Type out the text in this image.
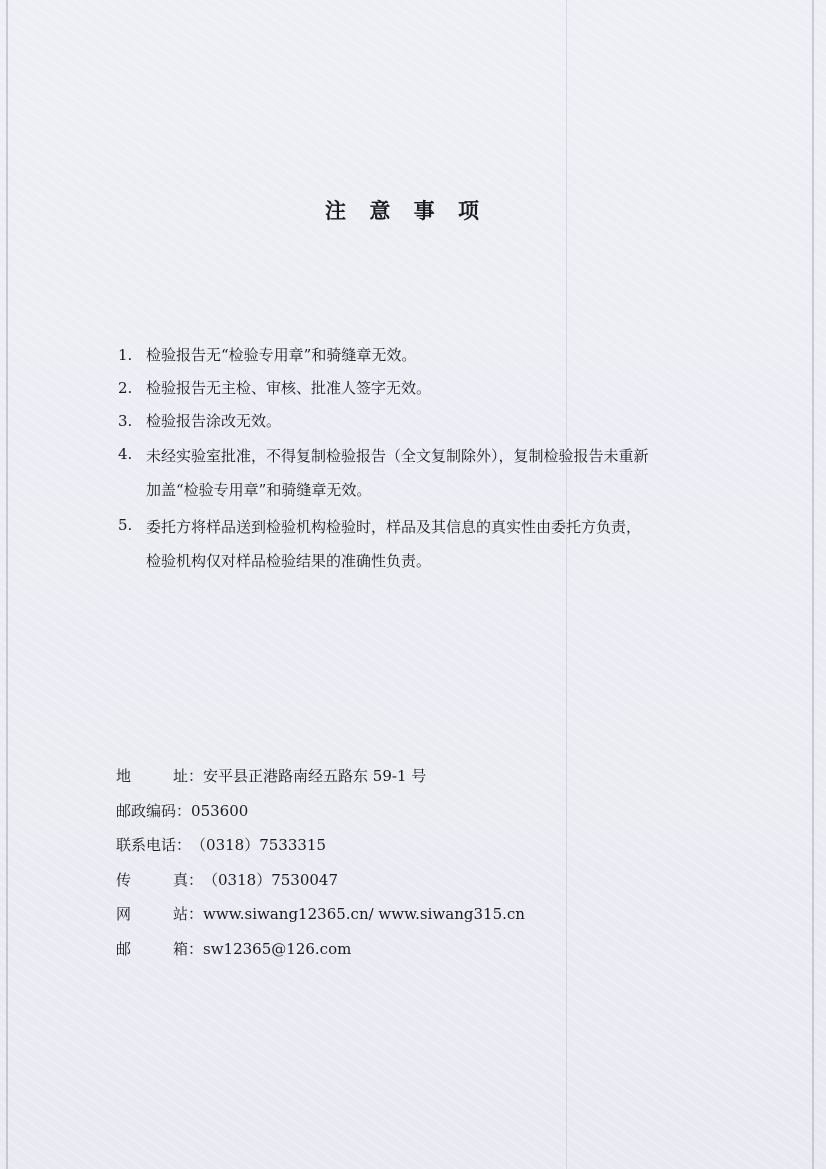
注 意 事 项
1. 检验报告无“检验专用章”和骑缝章无效。
2. 检验报告无主检、审核、批准人签字无效。
3. 检验报告涂改无效。
4. 未经实验室批准，不得复制检验报告（全文复制除外），复制检验报告未重新
加盖“检验专用章”和骑缝章无效。
5. 委托方将样品送到检验机构检验时，样品及其信息的真实性由委托方负责，
检验机构仅对样品检验结果的准确性负责。
地	址 ： 安平县正港路南经五路东 59-1 号
邮政编码 ： 053600
联系电话 ： （0318）7533315
传	真 ： （0318）7530047
网	站 ： www.siwang12365.cn/ www.siwang315.cn
邮	箱 ： sw12365@126.com
